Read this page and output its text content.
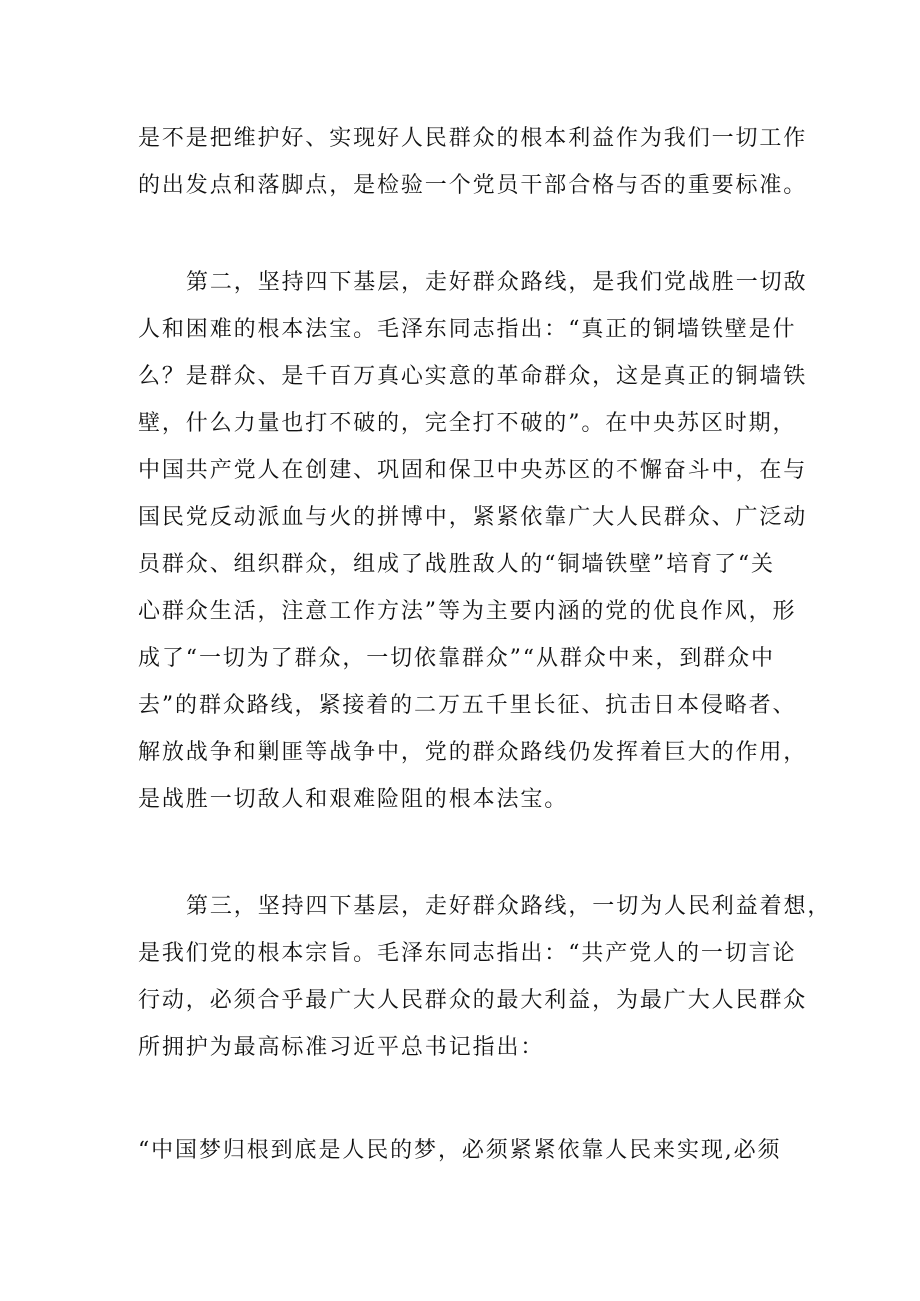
是不是把维护好、实现好人民群众的根本利益作为我们一切工作
的出发点和落脚点，是检验一个党员干部合格与否的重要标准。
第二，坚持四下基层，走好群众路线，是我们党战胜一切敌
人和困难的根本法宝。毛泽东同志指出：“真正的铜墙铁壁是什
么？是群众、是千百万真心实意的革命群众，这是真正的铜墙铁
壁，什么力量也打不破的，完全打不破的”。在中央苏区时期，
中国共产党人在创建、巩固和保卫中央苏区的不懈奋斗中，在与
国民党反动派血与火的拼博中，紧紧依靠广大人民群众、广泛动
员群众、组织群众，组成了战胜敌人的“铜墙铁壁”培育了“关
心群众生活，注意工作方法”等为主要内涵的党的优良作风，形
成了“一切为了群众，一切依靠群众”“从群众中来，到群众中
去”的群众路线，紧接着的二万五千里长征、抗击日本侵略者、
解放战争和剿匪等战争中，党的群众路线仍发挥着巨大的作用，
是战胜一切敌人和艰难险阻的根本法宝。
第三，坚持四下基层，走好群众路线，一切为人民利益着想，
是我们党的根本宗旨。毛泽东同志指出：“共产党人的一切言论
行动，必须合乎最广大人民群众的最大利益，为最广大人民群众
所拥护为最高标准习近平总书记指出：
“中国梦归根到底是人民的梦，必须紧紧依靠人民来实现,必须
